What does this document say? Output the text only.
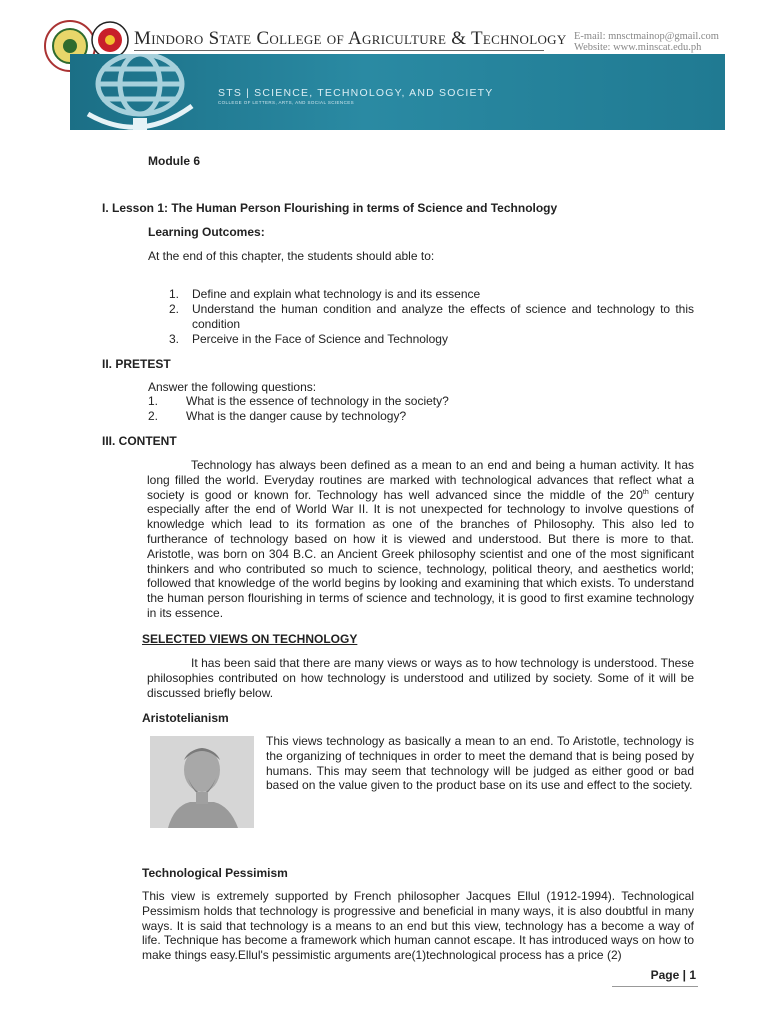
Mindoro State College of Agriculture & Technology E-mail: mnsctmainop@gmail.com
Website: www.minscat.edu.ph
STS | SCIENCE, TECHNOLOGY, AND SOCIETY
COLLEGE OF LETTERS, ARTS, AND SOCIAL SCIENCES
Module 6
I. Lesson 1: The Human Person Flourishing in terms of Science and Technology
Learning Outcomes:
At the end of this chapter, the students should able to:
1. Define and explain what technology is and its essence
2. Understand the human condition and analyze the effects of science and technology to this condition
3. Perceive in the Face of Science and Technology
II. PRETEST
Answer the following questions:
1. What is the essence of technology in the society?
2. What is the danger cause by technology?
III. CONTENT
Technology has always been defined as a mean to an end and being a human activity. It has long filled the world. Everyday routines are marked with technological advances that reflect what a society is good or known for. Technology has well advanced since the middle of the 20th century especially after the end of World War II. It is not unexpected for technology to involve questions of knowledge which lead to its formation as one of the branches of Philosophy. This also led to furtherance of technology based on how it is viewed and understood. But there is more to that. Aristotle, was born on 304 B.C. an Ancient Greek philosophy scientist and one of the most significant thinkers and who contributed so much to science, technology, political theory, and aesthetics world; followed that knowledge of the world begins by looking and examining that which exists. To understand the human person flourishing in terms of science and technology, it is good to first examine technology in its essence.
SELECTED VIEWS ON TECHNOLOGY
It has been said that there are many views or ways as to how technology is understood. These philosophies contributed on how technology is understood and utilized by society. Some of it will be discussed briefly below.
Aristotelianism
This views technology as basically a mean to an end. To Aristotle, technology is the organizing of techniques in order to meet the demand that is being posed by humans. This may seem that technology will be judged as either good or bad based on the value given to the product base on its use and effect to the society.
Technological Pessimism
This view is extremely supported by French philosopher Jacques Ellul (1912-1994). Technological Pessimism holds that technology is progressive and beneficial in many ways, it is also doubtful in many ways. It is said that technology is a means to an end but this view, technology has a become a way of life. Technique has become a framework which human cannot escape. It has introduced ways on how to make things easy.Ellul's pessimistic arguments are(1)technological process has a price (2)
Page | 1
